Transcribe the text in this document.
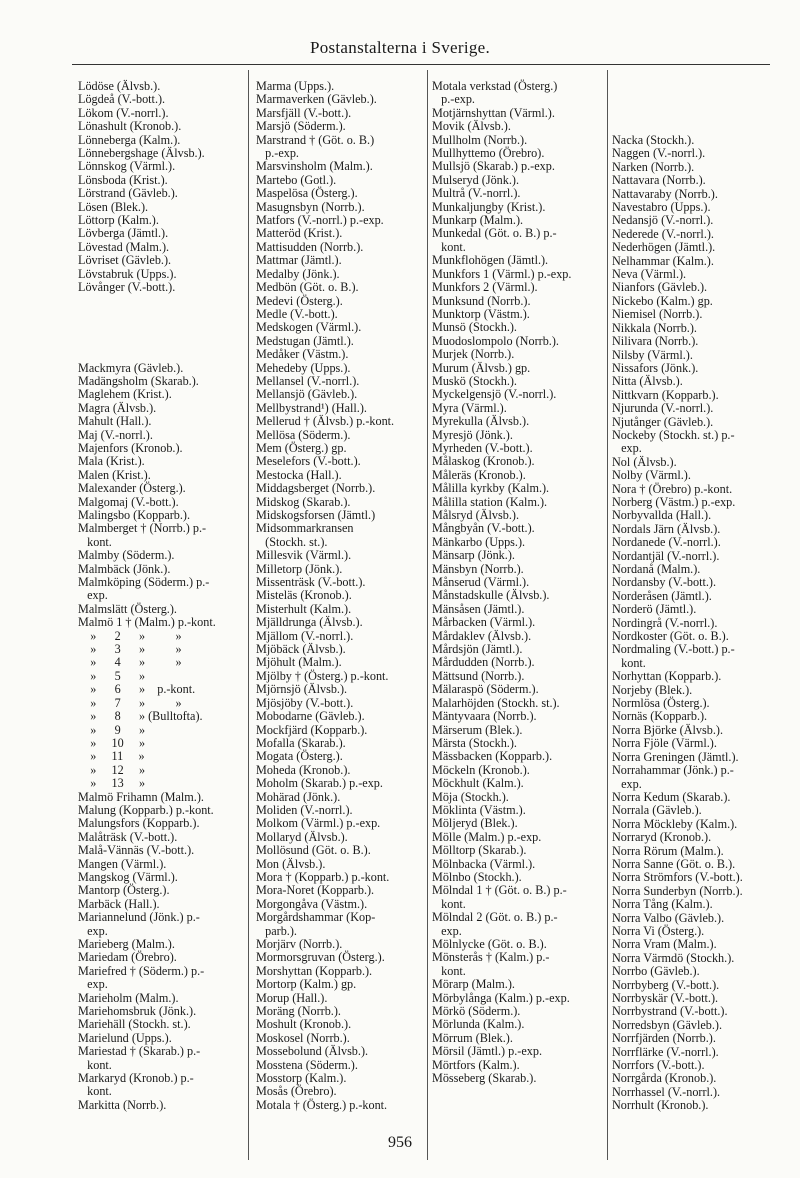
Postanstalterna i Sverige.
Lödöse (Älvsb.).
Lögdeå (V.-bott.).
Lökom (V.-norrl.).
Lönashult (Kronob.).
Lönneberga (Kalm.).
Lönnebergshage (Älvsb.).
Lönnskog (Värml.).
Lönsboda (Krist.).
Lörstrand (Gävleb.).
Lösen (Blek.).
Löttorp (Kalm.).
Lövberga (Jämtl.).
Lövestad (Malm.).
Lövriset (Gävleb.).
Lövstabruk (Upps.).
Lövånger (V.-bott.).

Mackmyra (Gävleb.).
Madängsholm (Skarab.).
Maglehem (Krist.).
Magra (Älvsb.).
Mahult (Hall.).
Maj (V.-norrl.).
Majenfors (Kronob.).
Mala (Krist.).
Malen (Krist.).
Malexander (Österg.).
Malgomaj (V.-bott.).
Malingsbo (Kopparb.).
Malmberget † (Norrb.) p.-
kont.
Malmby (Söderm.).
Malmbäck (Jönk.).
Malmköping (Söderm.) p.-
exp.
Malmslätt (Österg.).
Malmö 1 † (Malm.) p.-kont.
»      2      »          »
»      3      »          »
»      4      »          »
»      5      »
»      6      »    p.-kont.
»      7      »          »
»      8      » (Bulltofta).
»      9      »
»     10     »
»     11     »
»     12     »
»     13     »
Malmö Frihamn (Malm.).
Malung (Kopparb.) p.-kont.
Malungsfors (Kopparb.).
Malåträsk (V.-bott.).
Malå-Vännäs (V.-bott.).
Mangen (Värml.).
Mangskog (Värml.).
Mantorp (Österg.).
Marbäck (Hall.).
Mariannelund (Jönk.) p.-
exp.
Marieberg (Malm.).
Mariedam (Örebro).
Mariefred † (Söderm.) p.-
exp.
Marieholm (Malm.).
Mariehomsbruk (Jönk.).
Mariehäll (Stockh. st.).
Marielund (Upps.).
Mariestad † (Skarab.) p.-
kont.
Markaryd (Kronob.) p.-
kont.
Markitta (Norrb.).
Marma (Upps.).
Marmaverken (Gävleb.).
Marsfjäll (V.-bott.).
Marsjö (Söderm.).
Marstrand † (Göt. o. B.)
p.-exp.
Marsvinsholm (Malm.).
Martebo (Gotl.).
Maspelösa (Österg.).
Masugnsbyn (Norrb.).
Matfors (V.-norrl.) p.-exp.
Matteröd (Krist.).
Mattisudden (Norrb.).
Mattmar (Jämtl.).
Medalby (Jönk.).
Medbön (Göt. o. B.).
Medevi (Österg.).
Medle (V.-bott.).
Medskogen (Värml.).
Medstugan (Jämtl.).
Medåker (Västm.).
Mehedeby (Upps.).
Mellansel (V.-norrl.).
Mellansjö (Gävleb.).
Mellbystrand¹) (Hall.).
Mellerud † (Älvsb.) p.-kont.
Mellösa (Söderm.).
Mem (Österg.) gp.
Meselefors (V.-bott.).
Mestocka (Hall.).
Middagsberget (Norrb.).
Midskog (Skarab.).
Midskogsforsen (Jämtl.)
Midsommarkransen
(Stockh. st.).
Millesvik (Värml.).
Milletorp (Jönk.).
Missenträsk (V.-bott.).
Misteläs (Kronob.).
Misterhult (Kalm.).
Mjälldrunga (Älvsb.).
Mjällom (V.-norrl.).
Mjöbäck (Älvsb.).
Mjöhult (Malm.).
Mjölby † (Österg.) p.-kont.
Mjörnsjö (Älvsb.).
Mjösjöby (V.-bott.).
Mobodarne (Gävleb.).
Mockfjärd (Kopparb.).
Mofalla (Skarab.).
Mogata (Österg.).
Moheda (Kronob.).
Moholm (Skarab.) p.-exp.
Mohärad (Jönk.).
Moliden (V.-norrl.).
Molkom (Värml.) p.-exp.
Mollaryd (Älvsb.).
Mollösund (Göt. o. B.).
Mon (Älvsb.).
Mora † (Kopparb.) p.-kont.
Mora-Noret (Kopparb.).
Morgongåva (Västm.).
Morgårdshammar (Kop-
parb.).
Morjärv (Norrb.).
Mormorsgruvan (Österg.).
Morshyttan (Kopparb.).
Mortorp (Kalm.) gp.
Morup (Hall.).
Moräng (Norrb.).
Moshult (Kronob.).
Moskosel (Norrb.).
Mossebolund (Älvsb.).
Mosstena (Söderm.).
Mosstorp (Kalm.).
Mosås (Örebro).
Motala † (Österg.) p.-kont.
Motala verkstad (Österg.)
p.-exp.
Motjärnshyttan (Värml.).
Movik (Älvsb.).
Mullholm (Norrb.).
Mullhyttemo (Örebro).
Mullsjö (Skarab.) p.-exp.
Mulseryd (Jönk.).
Multrå (V.-norrl.).
Munkaljungby (Krist.).
Munkarp (Malm.).
Munkedal (Göt. o. B.) p.-
kont.
Munkflohögen (Jämtl.).
Munkfors 1 (Värml.) p.-exp.
Munkfors 2 (Värml.).
Munksund (Norrb.).
Munktorp (Västm.).
Munsö (Stockh.).
Muodoslompolo (Norrb.).
Murjek (Norrb.).
Murum (Älvsb.) gp.
Muskö (Stockh.).
Myckelgensjö (V.-norrl.).
Myra (Värml.).
Myrekulla (Älvsb.).
Myresjö (Jönk.).
Myrheden (V.-bott.).
Målaskog (Kronob.).
Måleräs (Kronob.).
Målilla kyrkby (Kalm.).
Målilla station (Kalm.).
Målsryd (Älvsb.).
Mångbyån (V.-bott.).
Mänkarbo (Upps.).
Mänsarp (Jönk.).
Mänsbyn (Norrb.).
Månserud (Värml.).
Månstadskulle (Älvsb.).
Mänsåsen (Jämtl.).
Mårbacken (Värml.).
Mårdaklev (Älvsb.).
Mårdsjön (Jämtl.).
Mårdudden (Norrb.).
Mättsund (Norrb.).
Mälaraspö (Söderm.).
Malarhöjden (Stockh. st.).
Mäntyvaara (Norrb.).
Märserum (Blek.).
Märsta (Stockh.).
Mässbacken (Kopparb.).
Möckeln (Kronob.).
Möckhult (Kalm.).
Möja (Stockh.).
Möklinta (Västm.).
Möljeryd (Blek.).
Mölle (Malm.) p.-exp.
Mölltorp (Skarab.).
Mölnbacka (Värml.).
Mölnbo (Stockh.).
Mölndal 1 † (Göt. o. B.) p.-
kont.
Mölndal 2 (Göt. o. B.) p.-
exp.
Mölnlycke (Göt. o. B.).
Mönsterås † (Kalm.) p.-
kont.
Mörarp (Malm.).
Mörbylånga (Kalm.) p.-exp.
Mörkö (Söderm.).
Mörlunda (Kalm.).
Mörrum (Blek.).
Mörsil (Jämtl.) p.-exp.
Mörtfors (Kalm.).
Mösseberg (Skarab.).
Nacka (Stockh.).
Naggen (V.-norrl.).
Narken (Norrb.).
Nattavara (Norrb.).
Nattavaraby (Norrb.).
Navestabro (Upps.).
Nedansjö (V.-norrl.).
Nederede (V.-norrl.).
Nederhögen (Jämtl.).
Nelhammar (Kalm.).
Neva (Värml.).
Nianfors (Gävleb.).
Nickebo (Kalm.) gp.
Niemisel (Norrb.).
Nikkala (Norrb.).
Nilivara (Norrb.).
Nilsby (Värml.).
Nissafors (Jönk.).
Nitta (Älvsb.).
Nittkvarn (Kopparb.).
Njurunda (V.-norrl.).
Njutånger (Gävleb.).
Nockeby (Stockh. st.) p.-
exp.
Nol (Älvsb.).
Nolby (Värml.).
Nora † (Örebro) p.-kont.
Norberg (Västm.) p.-exp.
Norbyvallda (Hall.).
Nordals Järn (Älvsb.).
Nordanede (V.-norrl.).
Nordantjäl (V.-norrl.).
Nordanå (Malm.).
Nordansby (V.-bott.).
Norderåsen (Jämtl.).
Norderö (Jämtl.).
Nordingrå (V.-norrl.).
Nordkoster (Göt. o. B.).
Nordmaling (V.-bott.) p.-
kont.
Norhyttan (Kopparb.).
Norjeby (Blek.).
Normlösa (Österg.).
Nornäs (Kopparb.).
Norra Björke (Älvsb.).
Norra Fjöle (Värml.).
Norra Greningen (Jämtl.).
Norrahammar (Jönk.) p.-
exp.
Norra Kedum (Skarab.).
Norrala (Gävleb.).
Norra Möckleby (Kalm.).
Norraryd (Kronob.).
Norra Rörum (Malm.).
Norra Sanne (Göt. o. B.).
Norra Strömfors (V.-bott.).
Norra Sunderbyn (Norrb.).
Norra Tång (Kalm.).
Norra Valbo (Gävleb.).
Norra Vi (Österg.).
Norra Vram (Malm.).
Norra Värmdö (Stockh.).
Norrbo (Gävleb.).
Norrbyberg (V.-bott.).
Norrbyskär (V.-bott.).
Norrbystrand (V.-bott.).
Norredsbyn (Gävleb.).
Norrfjärden (Norrb.).
Norrflärke (V.-norrl.).
Norrfors (V.-bott.).
Norrgårda (Kronob.).
Norrhassel (V.-norrl.).
Norrhult (Kronob.).
956
